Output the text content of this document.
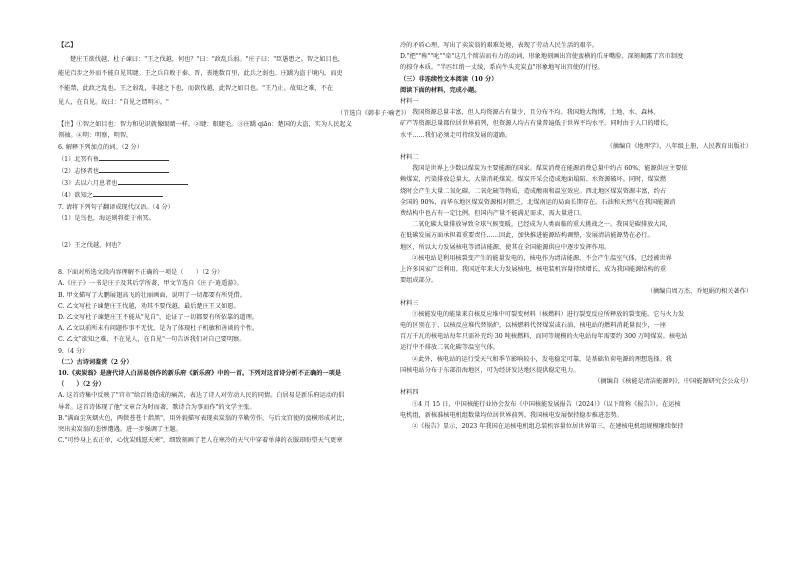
【乙】

楚庄王欲伐越，杜子谏曰："王之伐越，何也？"曰："政乱兵弱。"庄子曰："臣愚患之。智之如目也，

能见百步之外而不能自见其睫。王之兵自败于秦、晋，丧地数百里，此兵之弱也。庄蹻为盗于境内，而吏

不能禁，此政之乱也。王之弱乱，非越之下也，而欲伐越，此智之如目也。"王乃止。故知之难，不在

见人，在自见。故曰："自见之谓明④。"

（节选自《韩非子·喻老》）

【注】①智之如目也：智力和见识就像眼睛一样。②睫：眼睫毛。③庄蹻 qiāo：楚国的大盗，实为人民起义

领袖。④明：明察，明智。

6. 解释下列加点的词。（2 分）

（1）北冥有鱼

（2）志怪者也

（3）去以六月息者也

（4）欲知之

7. 请将下列句子翻译成现代汉语。（4 分）

（1）是鸟也，海运则将徙于南冥。

（2）王之伐越，何也？

8. 下面对所选文段内容理解不正确的一项是（　　）（2 分）

A.《庄子》一书是庄子及其后学所著，甲文节选自《庄子·逍遥游》。

B. 甲文描写了大鹏展翅高飞的壮丽画面，说明了一切都要有所凭借。

C. 乙文写杜子谏楚庄王伐越，劝其不要伐越，最后楚庄王又如愿。

D. 乙文写杜子谏楚庄王不能从"见自"，论证了一切都要有所依靠的道理。

A. 乙文以前所未有问题作事不无忧，是为了体现杜子机敏和善谈的个性。

C. 乙文"欲知之难，不在见人，在自见"一句告诉我们对自己要明察。

9.（4 分）

（二）古诗词鉴赏（2 分）

10.《卖炭翁》是唐代诗人白居易创作的新乐府《新乐府》中的一首。下列对这首诗分析不正确的一项是

（　　）（2 分）

A. 这首诗集中反映了"宫市"给百姓造成的痛苦，表达了诗人对劳动人民的同情。白居易是新乐府运动的倡

导者。这首诗体现了他"文章合为时而著，歌诗合为事而作"的文学主张。

B."满面尘灰烟火色，两鬓苍苍十指黑"，用外貌描写表现卖炭翁的辛勤劳作，与后文宫使的蛮横形成对比，

突出卖炭翁的悲惨遭遇。进一步强调了主题。

C."可怜身上衣正单，心忧炭贱愿天寒"，细致刻画了老人在寒冷的天气中穿着单薄的衣服却盼望天气更寒

冷的矛盾心理，写出了卖炭翁的艰难处境，表现了劳动人民生活的艰辛。

D."把""称""叱""牵"这几个简洁而有力的动词，形象地刻画出宫使蛮横的爪牙嘴脸，深刻揭露了宫市制度

的掠夺本质。"半匹红绡一丈绫，系向牛头充炭直"形象地写出宫使的行径。

（三）非连续性文本阅读（10 分）

阅读下面的材料，完成小题。

材料一

我国资源总量丰富，但人均资源占有量少，且分布不均。我国地大物博，土地、水、森林、

矿产等资源总量都位居世界前列，但资源人均占有量普遍低于世界平均水平。同时由于人口的增长，

水平……我们必须走可持续发展的道路。

（摘编自《地理学》，八年级上册，人民教育出版社）

材料二

我国是世界上少数以煤炭为主要能源的国家。煤炭消费在能源消费总量中约占 60%，能源供应主要依

赖煤炭，污染排放总量大。大量消耗煤炭。煤炭开采会造成地面塌陷、水资源破坏。同时，煤炭燃

烧时会产生大量二氧化碳、二氧化硫等物质，造成酸雨和温室效应。西北地区煤炭资源丰富，约占

全国的 90%，而华东地区煤炭资源相对匮乏，北煤南运的局面长期存在。石油和天然气在我国能源消

费结构中也占有一定比例，但国内产量不能满足需求，需大量进口。

二氧化碳大量排放导致全球气候变暖，已经成为人类面临的重大挑战之一。我国是碳排放大国，

在低碳发展方面承担着重要责任……因此，加快推进能源结构调整，发展清洁能源势在必行。

地区，所以大力发展核电等清洁能源，使其在全国能源供应中逐步发挥作用。

②核电站是利用核裂变产生的能量发电的，核电作为清洁能源，不会产生温室气体，已经被世界

上许多国家广泛利用。我国近年来大力发展核电，核电装机容量持续增长，成为我国能源结构的重

要组成部分。

（摘编自周万杰、乔旭娟的相关著作）

材料三

①核能发电的能量来自核反应堆中可裂变材料（核燃料）进行裂变反应所释放的裂变能。它与火力发

电的区别在于，以核反应堆代替锅炉，以核燃料代替煤炭或石油，核电站的燃料消耗量很少，一座

百万千瓦的核电站每年只需补充约 30 吨核燃料，而同等规模的火电站每年需要约 300 万吨煤炭。核电站

运行中不排放二氧化碳等温室气体。

②此外，核电站的运行受天气和季节影响较小，发电稳定可靠，是基础负荷电源的理想选择。我

国核电站分布于东部沿海地区，可为经济发达地区提供稳定电力。

（摘编自《核能是清洁能源吗》，中国能源研究会公众号）

材料四

①4 月 15 日，中国核能行业协会发布《中国核能发展报告（2024）》（以下简称《报告》）。在运核

电机组，新核准核电机组数量均位居世界前列。我国核电发展保持稳步推进态势。

②《报告》显示，2023 年我国在运核电机组总装机容量位居世界第三，在建核电机组规模继续保持
